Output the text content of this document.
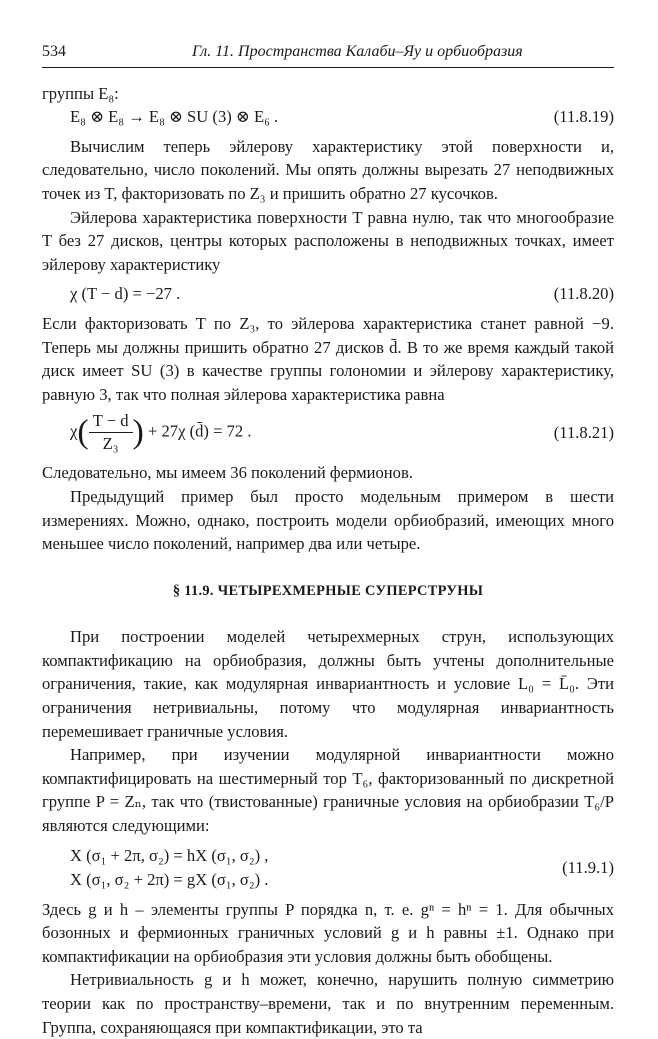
534	Гл. 11. Пространства Калаби–Яу и орбиобразия

группы E₈:

E₈ ⊗ E₈ → E₈ ⊗ SU (3) ⊗ E₆ .	(11.8.19)

Вычислим теперь эйлерову характеристику этой поверхности и, следовательно, число поколений. Мы опять должны вырезать 27 неподвижных точек из T, факторизовать по Z₃ и пришить обратно 27 кусочков.

Эйлерова характеристика поверхности T равна нулю, так что многообразие T без 27 дисков, центры которых расположены в неподвижных точках, имеет эйлерову характеристику

χ (T − d) = −27 .	(11.8.20)

Если факторизовать T по Z₃, то эйлерова характеристика станет равной −9. Теперь мы должны пришить обратно 27 дисков d̄. В то же время каждый такой диск имеет SU (3) в качестве группы голономии и эйлерову характеристику, равную 3, так что полная эйлерова характеристика равна

$\chi( \frac{T - d}{\text{Z₃}}$ ) + 27χ (d̄) = 72 .	(11.8.21)

Следовательно, мы имеем 36 поколений фермионов.

Предыдущий пример был просто модельным примером в шести измерениях. Можно, однако, построить модели орбиобразий, имеющих много меньшее число поколений, например два или четыре.

§ 11.9. ЧЕТЫРЕХМЕРНЫЕ СУПЕРСТРУНЫ

При построении моделей четырехмерных струн, использующих компактификацию на орбиобразия, должны быть учтены дополнительные ограничения, такие, как модулярная инвариантность и условие L₀ = L̄₀. Эти ограничения нетривиальны, потому что модулярная инвариантность перемешивает граничные условия.

Например, при изучении модулярной инвариантности можно компактифицировать на шестимерный тор T₆, факторизованный по дискретной группе P = Zₙ, так что (твистованные) граничные условия на орбиобразии T₆/P являются следующими:

X (σ₁ + 2π, σ₂) = hX (σ₁, σ₂) ,
X (σ₁, σ₂ + 2π) = gX (σ₁, σ₂) .
(11.9.1)

Здесь g и h – элементы группы P порядка n, т. е. gⁿ = hⁿ = 1. Для обычных бозонных и фермионных граничных условий g и h равны ±1. Однако при компактификации на орбиобразия эти условия должны быть обобщены.

Нетривиальность g и h может, конечно, нарушить полную симметрию теории как по пространству–времени, так и по внутренним переменным. Группа, сохраняющаяся при компактификации, это та
